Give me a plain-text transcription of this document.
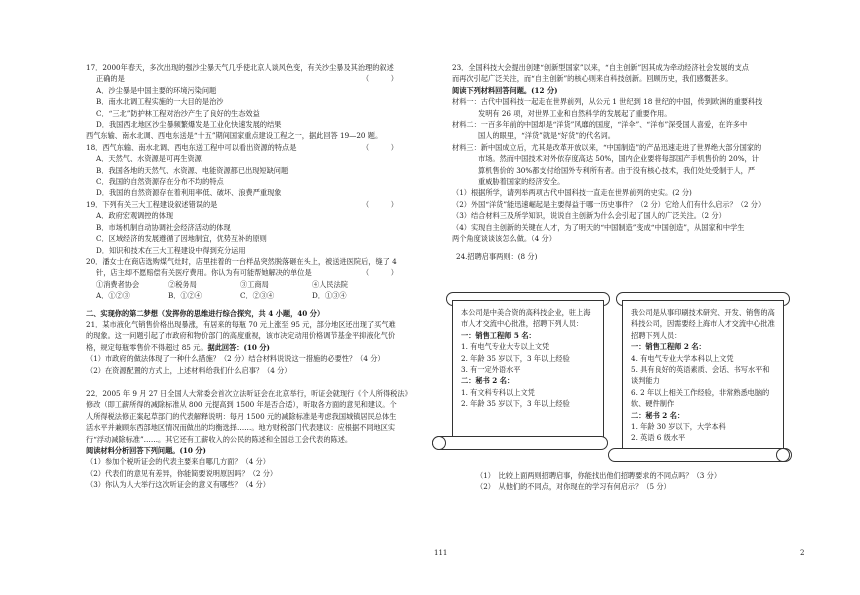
17．2000年春天，多次出现的强沙尘暴天气几乎使北京人谈风色变，有关沙尘暴及其治理的叙述
正确的是	（　　　）
A．沙尘暴是中国主要的环境污染问题
B．南水北调工程实施的一大目的是治沙
C．“三北”防护林工程对治沙产生了良好的生态效益
D．我国西北地区沙尘暴频繁爆发是工业化快速发展的结果
西气东输、南水北调、西电东送是“十五”期间国家重点建设工程之一，据此回答 19—20 题。
18．西气东输、南水北调、西电东送工程中可以看出资源的特点是	（　　　）
A．天然气、水资源是可再生资源
B．我国各地的天然气、水资源、电能资源都已出现短缺问题
C．我国的自然资源存在分布不均的特点
D．我国的自然资源存在着利用率低、破坏、浪费严重现象
19．下列有关三大工程建设叙述错误的是	（　　　）
A．政府宏观调控的体现
B．市场机制自动协调社会经济活动的体现
C．区域经济的发展遵循了因地制宜，优势互补的原则
D．知识和技术在三大工程建设中得到充分运用
20．潘女士在商店选购煤气灶时，店里挂着的一台样品突然脱落砸在头上，被送进医院后，缝了 4
针，店主却不愿赔偿有关医疗费用。你认为有可能帮她解决的单位是	（　　　）
①消费者协会	②税务局	③工商局	④人民法院
A．①②③	B．①②④	C．②③④	D．①③④
二、实现你的第二梦想（发挥你的思维进行综合探究，共 4 小题，40 分）
21．某市液化气销售价格出现暴涨，有居来的每瓶 70 元上涨至 95 元，部分地区还出现了买气难
的现象。这一问题引起了市政府和物价部门的高度重视，该市决定动用价格调节基金平抑液化气价
格，规定每瓶零售价不得超过 85 元。据此回答：(10 分)
（1）市政府的做法体现了一种什么措施？（2 分）结合材料说说这一措施的必要性？（4 分）
（2）在资源配置的方式上，上述材料给我们什么启事？（4 分）
22．2005 年 9 月 27 日全国人大常委会首次立法听证会在北京举行，听证会就现行《个人所得税法》
修改（即工薪所得的减除标准从 800 元提高到 1500 年是否合适），听取各方面的意见和建议。个
人所得税法修正案起草部门的代表解释说明：每月 1500 元的减除标准是考虑我国城镇居民总体生
活水平并兼顾东西部地区情况而做出的均衡选择……。地方财税部门代表建议：应根据不同地区实
行“浮动减除标准”……。其它还有工薪收入的公民的陈述和全国总工会代表的陈述。
阅读材料分析回答下列问题。(10 分)
（1）参加个税听证会的代表主要来自哪几方面？（4 分）
（2）代表们的意见有差异，你能简要说明原因吗？（2 分）
（3）你认为人大举行这次听证会的意义有哪些？（4 分）
23．全国科技大会提出创建“创新型国家”以来，“自主创新”因其成为牵动经济社会发展的支点
而再次引起广泛关注，而“自主创新”的核心则来自科技创新。回顾历史，我们感慨甚多。
阅读下列材料回答问题。(12 分)
材料一：古代中国科技一起走在世界前列，从公元 1 世纪到 18 世纪的中国，传到欧洲的重要科技
发明有 26 项，对世界工业和自然科学的发展起了重要作用。
材料二：一百多年前的中国却是“洋货”风靡的国度，“洋伞”、“洋布”深受国人喜爱，在许多中
国人的眼里，“洋货”就是“好货”的代名词。
材料三：新中国成立后，尤其是改革开放以来，“中国制造”的产品迅速走进了世界绝大部分国家的
市场。然而中国技术对外依存度高达 50%，国内企业要将每部国产手机售价的 20%，计
算机售价的 30%都支付给国外专利所有者。由于没有核心技术，我们处处受制于人，严
重威胁着国家的经济安全。
（1）根据所学，请列举两项古代中国科技一直走在世界前列的史实。(2 分)
（2）外国“洋货”能迅速崛起是主要得益于哪一历史事件？（2 分）它给人们有什么启示？（2 分）
（3）结合材料三及所学知识，说说自主创新为什么会引起了国人的广泛关注。（2 分）
（4）实现自主创新的关键在人才，为了明天的“中国制造”变成“中国创造”，从国家和中学生
两个角度谈谈该怎么做。（4 分）
24.招聘启事两则：(8 分)
本公司是中美合资的高科技企业，驻上海市人才交流中心批准，招聘下列人员：
一：销售工程师 5 名：
1. 有电气专业大专以上文凭
2. 年龄 35 岁以下，3 年以上经验
3. 有一定外语水平
二：秘书 2 名：
1. 有文科专科以上文凭
2. 年龄 35 岁以下，3 年以上经验
我公司是从事印刷技术研究、开发、销售的高科技公司，因需要经上海市人才交流中心批准招聘下列人员：
一：销售工程师 2 名：
4. 有电气专业大学本科以上文凭
5. 具有良好的英语素质、会话、书写水平和谈判能力
6. 2 年以上相关工作经验，非常熟悉电脑的软、硬件制作
二：秘书 2 名：
1. 年龄 30 岁以下，大学本科
2. 英语 6 级水平
（1）　比较上面两则招聘启事，你能找出他们招聘要求的不同点吗？（3 分）
（2）　从他们的不同点，对你现在的学习有何启示？（5 分）
111	2
